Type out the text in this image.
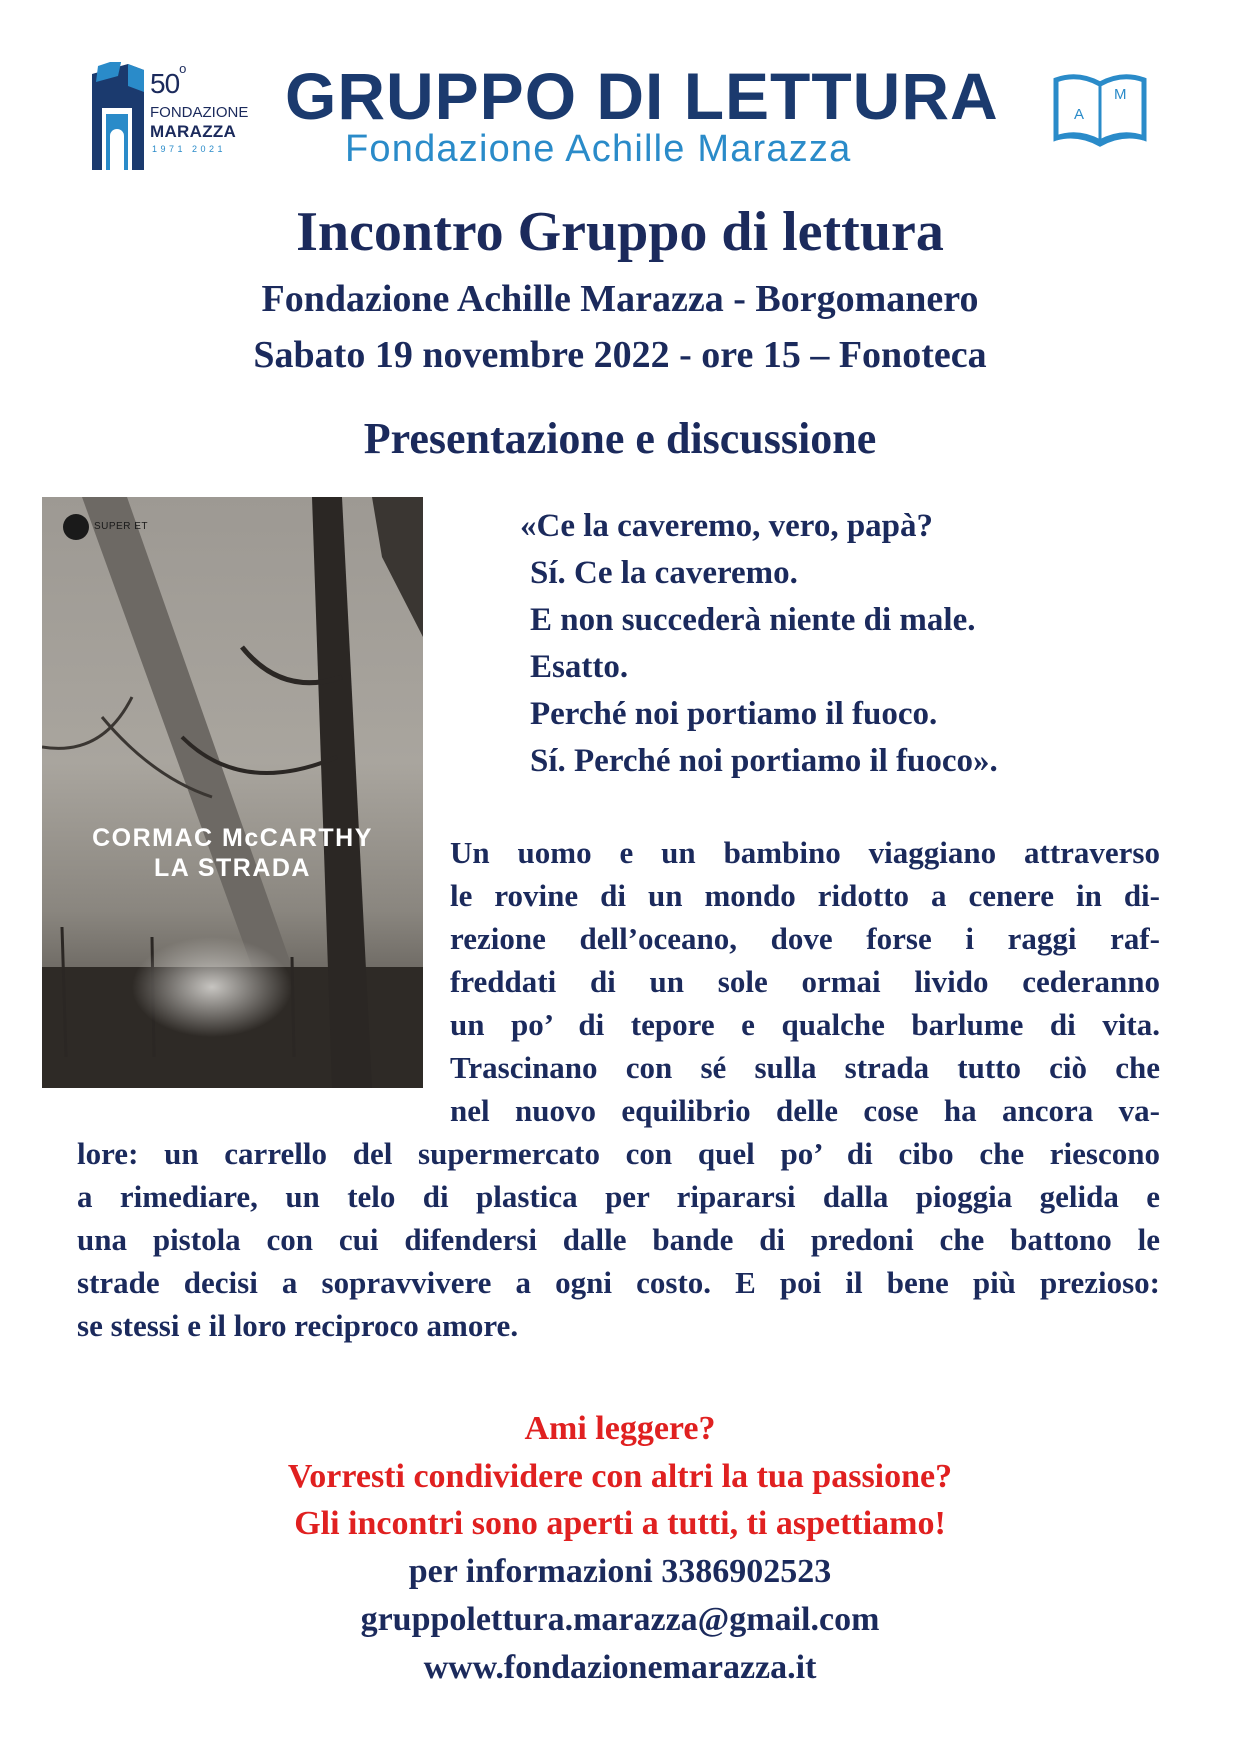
50$^o$
FONDAZIONE
MARAZZA
1971 2021
GRUPPO DI LETTURA
Fondazione Achille Marazza
A
M
Incontro Gruppo di lettura
Fondazione Achille Marazza - Borgomanero
Sabato 19 novembre 2022 - ore 15 – Fonoteca
Presentazione e discussione
SUPER ET
CORMAC McCARTHY
LA STRADA
«Ce la caveremo, vero, papà?
Sí. Ce la caveremo.
E non succederà niente di male.
Esatto.
Perché noi portiamo il fuoco.
Sí. Perché noi portiamo il fuoco».
Un uomo e un bambino viaggiano attraverso
le rovine di un mondo ridotto a cenere in di-
rezione dell’oceano, dove forse i raggi raf-
freddati di un sole ormai livido cederanno
un po’ di tepore e qualche barlume di vita.
Trascinano con sé sulla strada tutto ciò che
nel nuovo equilibrio delle cose ha ancora va-
lore: un carrello del supermercato con quel po’ di cibo che riescono
a rimediare, un telo di plastica per ripararsi dalla pioggia gelida e
una pistola con cui difendersi dalle bande di predoni che battono le
strade decisi a sopravvivere a ogni costo. E poi il bene più prezioso:
se stessi e il loro reciproco amore.
Ami leggere?
Vorresti condividere con altri la tua passione?
Gli incontri sono aperti a tutti, ti aspettiamo!
per informazioni 3386902523
gruppolettura.marazza@gmail.com
www.fondazionemarazza.it
